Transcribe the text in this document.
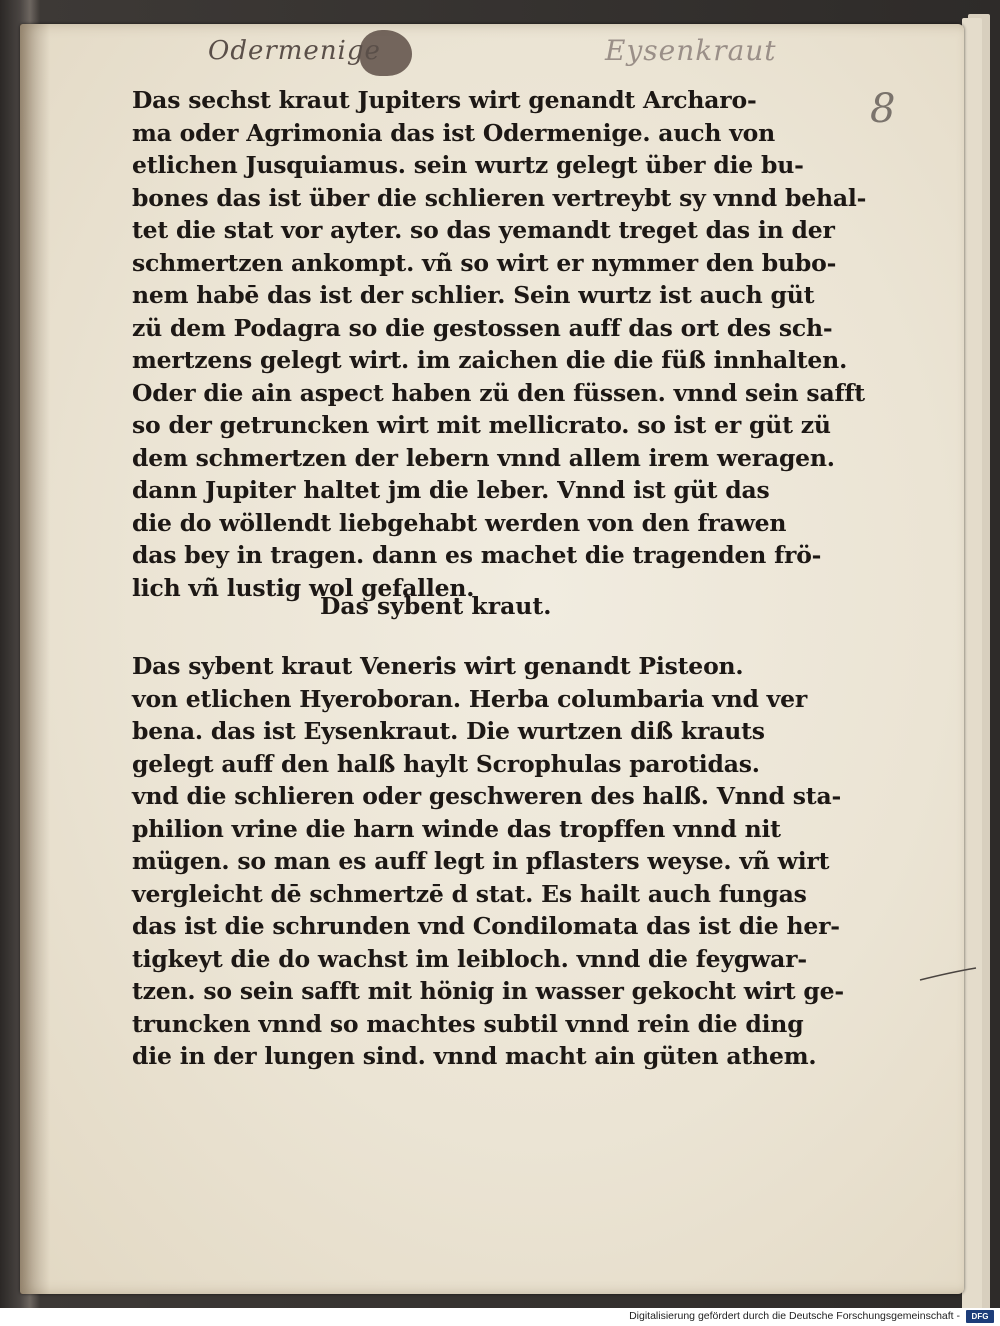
Odermenige	Eysenkraut
8
Das sechst kraut Jupiters wirt genandt Archaro-
ma oder Agrimonia das ist Odermenige. auch von
etlichen Jusquiamus. sein wurtz gelegt über die bu-
bones das ist über die schlieren vertreybt sy vnnd behal-
tet die stat vor ayter. so das yemandt treget das in der
schmertzen ankompt. vñ so wirt er nymmer den bubo-
nem habē das ist der schlier. Sein wurtz ist auch güt
zü dem Podagra so die gestossen auff das ort des sch-
mertzens gelegt wirt. im zaichen die die füß innhalten.
Oder die ain aspect haben zü den füssen. vnnd sein safft
so der getruncken wirt mit mellicrato. so ist er güt zü
dem schmertzen der lebern vnnd allem irem weragen.
dann Jupiter haltet jm die leber. Vnnd ist güt das
die do wöllendt liebgehabt werden von den frawen
das bey in tragen. dann es machet die tragenden frö-
lich vñ lustig wol gefallen.
Das sybent kraut.
Das sybent kraut Veneris wirt genandt Pisteon.
von etlichen Hyeroboran. Herba columbaria vnd ver
bena. das ist Eysenkraut. Die wurtzen diß krauts
gelegt auff den halß haylt Scrophulas parotidas.
vnd die schlieren oder geschweren des halß. Vnnd sta-
philion vrine die harn winde das tropffen vnnd nit
mügen. so man es auff legt in pflasters weyse. vñ wirt
vergleicht dē schmertzē d stat. Es hailt auch fungas
das ist die schrunden vnd Condilomata das ist die her-
tigkeyt die do wachst im leibloch. vnnd die feygwar-
tzen. so sein safft mit hönig in wasser gekocht wirt ge-
truncken vnnd so machtes subtil vnnd rein die ding
die in der lungen sind. vnnd macht ain güten athem.
Digitalisierung gefördert durch die Deutsche Forschungsgemeinschaft -	DFG
